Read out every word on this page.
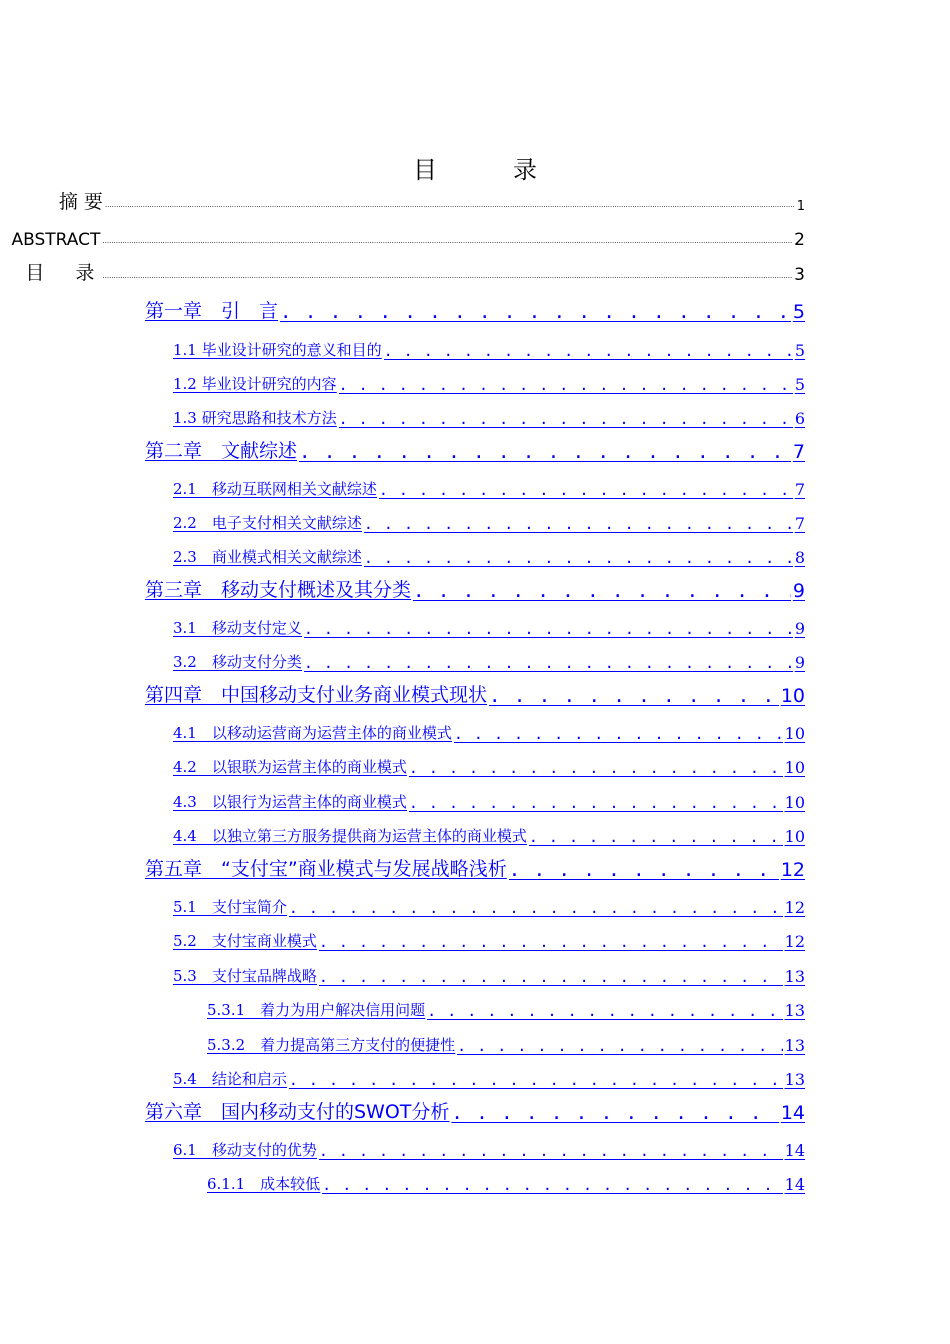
目　录
摘 要 .....	1
ABSTRACT .....	2
目　录 .....	3
第一章　引　言 . . .	5
1.1 毕业设计研究的意义和目的 . . .	5
1.2 毕业设计研究的内容 . . .	5
1.3 研究思路和技术方法 . . .	6
第二章　文献综述 . . .	7
2.1　移动互联网相关文献综述 . . .	7
2.2　电子支付相关文献综述 . . .	7
2.3　商业模式相关文献综述 . . .	8
第三章　移动支付概述及其分类 . . .	9
3.1　移动支付定义 . . .	9
3.2　移动支付分类 . . .	9
第四章　中国移动支付业务商业模式现状 . . .	10
4.1　以移动运营商为运营主体的商业模式 . . .	10
4.2　以银联为运营主体的商业模式 . . .	10
4.3　以银行为运营主体的商业模式 . . .	10
4.4　以独立第三方服务提供商为运营主体的商业模式 . . .	10
第五章　“支付宝”商业模式与发展战略浅析 . . .	12
5.1　支付宝简介 . . .	12
5.2　支付宝商业模式 . . .	12
5.3　支付宝品牌战略 . . .	13
5.3.1　着力为用户解决信用问题 . . .	13
5.3.2　着力提高第三方支付的便捷性 . . .	13
5.4　结论和启示 . . .	13
第六章　国内移动支付的SWOT分析 . . .	14
6.1　移动支付的优势 . . .	14
6.1.1　成本较低 . . .	14
